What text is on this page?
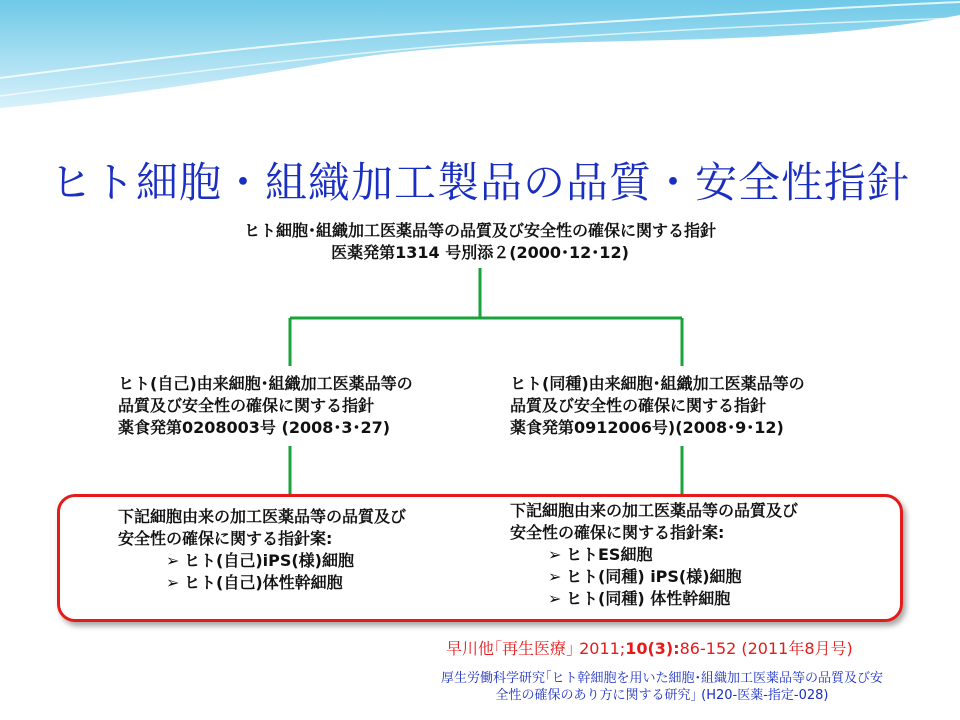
ヒト細胞・組織加工製品の品質・安全性指針
ヒト細胞･組織加工医薬品等の品質及び安全性の確保に関する指針
医薬発第1314 号別添２(2000･12･12)
ヒト(自己)由来細胞･組織加工医薬品等の
品質及び安全性の確保に関する指針
薬食発第0208003号 (2008･3･27)
ヒト(同種)由来細胞･組織加工医薬品等の
品質及び安全性の確保に関する指針
薬食発第0912006号)(2008･9･12)
下記細胞由来の加工医薬品等の品質及び
安全性の確保に関する指針案:
➢ ヒト(自己)iPS(様)細胞
➢ ヒト(自己)体性幹細胞
下記細胞由来の加工医薬品等の品質及び
安全性の確保に関する指針案:
➢ ヒトES細胞
➢ ヒト(同種) iPS(様)細胞
➢ ヒト(同種) 体性幹細胞
早川他｢再生医療｣ 2011;10(3):86-152 (2011年8月号)
厚生労働科学研究｢ヒト幹細胞を用いた細胞･組織加工医薬品等の品質及び安
全性の確保のあり方に関する研究｣ (H20-医薬-指定-028)
